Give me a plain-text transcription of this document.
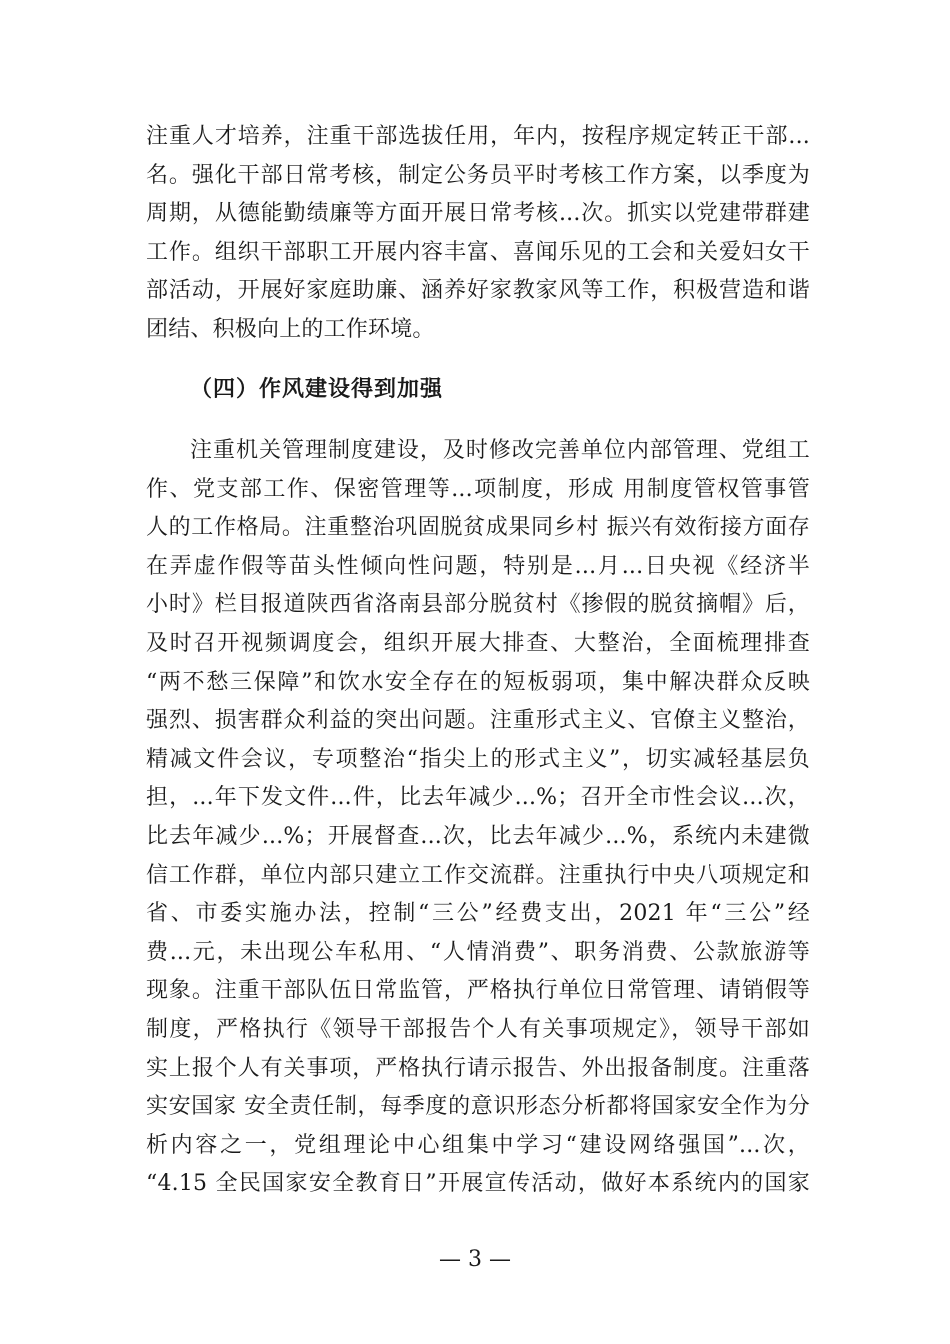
注重人才培养，注重干部选拔任用，年内，按程序规定转正干部...
名。强化干部日常考核，制定公务员平时考核工作方案，以季度为
周期，从德能勤绩廉等方面开展日常考核...次。抓实以党建带群建
工作。组织干部职工开展内容丰富、喜闻乐见的工会和关爱妇女干
部活动，开展好家庭助廉、涵养好家教家风等工作，积极营造和谐
团结、积极向上的工作环境。
（四）作风建设得到加强
注重机关管理制度建设，及时修改完善单位内部管理、党组工
作、党支部工作、保密管理等...项制度，形成 用制度管权管事管
人的工作格局。注重整治巩固脱贫成果同乡村 振兴有效衔接方面存
在弄虚作假等苗头性倾向性问题，特别是...月...日央视《经济半
小时》栏目报道陕西省洛南县部分脱贫村《掺假的脱贫摘帽》后，
及时召开视频调度会，组织开展大排查、大整治，全面梳理排查
“两不愁三保障”和饮水安全存在的短板弱项，集中解决群众反映
强烈、损害群众利益的突出问题。注重形式主义、官僚主义整治，
精减文件会议，专项整治“指尖上的形式主义”，切实减轻基层负
担，...年下发文件...件，比去年减少...%；召开全市性会议...次，
比去年减少...%；开展督查...次，比去年减少...%，系统内未建微
信工作群，单位内部只建立工作交流群。注重执行中央八项规定和
省、市委实施办法，控制“三公”经费支出，2021 年“三公”经
费...元，未出现公车私用、“人情消费”、职务消费、公款旅游等
现象。注重干部队伍日常监管，严格执行单位日常管理、请销假等
制度，严格执行《领导干部报告个人有关事项规定》，领导干部如
实上报个人有关事项，严格执行请示报告、外出报备制度。注重落
实安国家 安全责任制，每季度的意识形态分析都将国家安全作为分
析内容之一，党组理论中心组集中学习“建设网络强国”...次，
“4.15 全民国家安全教育日”开展宣传活动，做好本系统内的国家
— 3 —
